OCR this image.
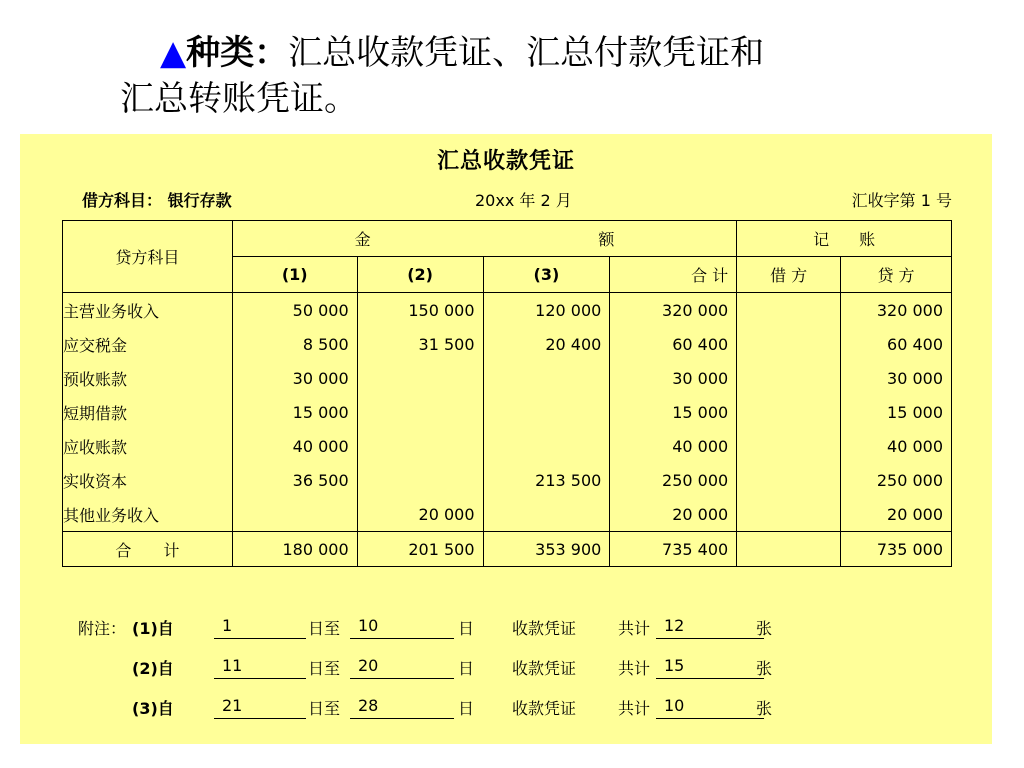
▲种类：汇总收款凭证、汇总付款凭证和
汇总转账凭证。
汇总收款凭证
借方科目： 银行存款	20xx 年 2 月	汇收字第 1 号
贷方科目	金 额				记 账	

	(1)	(2)	(3)	合 计	借 方	贷 方
主营业务收入	50 000	150 000	120 000	320 000		320 000
应交税金	8 500	31 500	20 400	60 400		60 400
预收账款	30 000			30 000		30 000
短期借款	15 000			15 000		15 000
应收账款	40 000			40 000		40 000
实收资本	36 500		213 500	250 000		250 000
其他业务收入		20 000		20 000		20 000
合　　计	180 000	201 500	353 900	735 400		735 000
附注： (1)自	1	日至	10	日 收款凭证	共计 12	张
(2)自	11	日至	20	日 收款凭证	共计 15	张
(3)自	21	日至	28	日 收款凭证	共计 10	张
